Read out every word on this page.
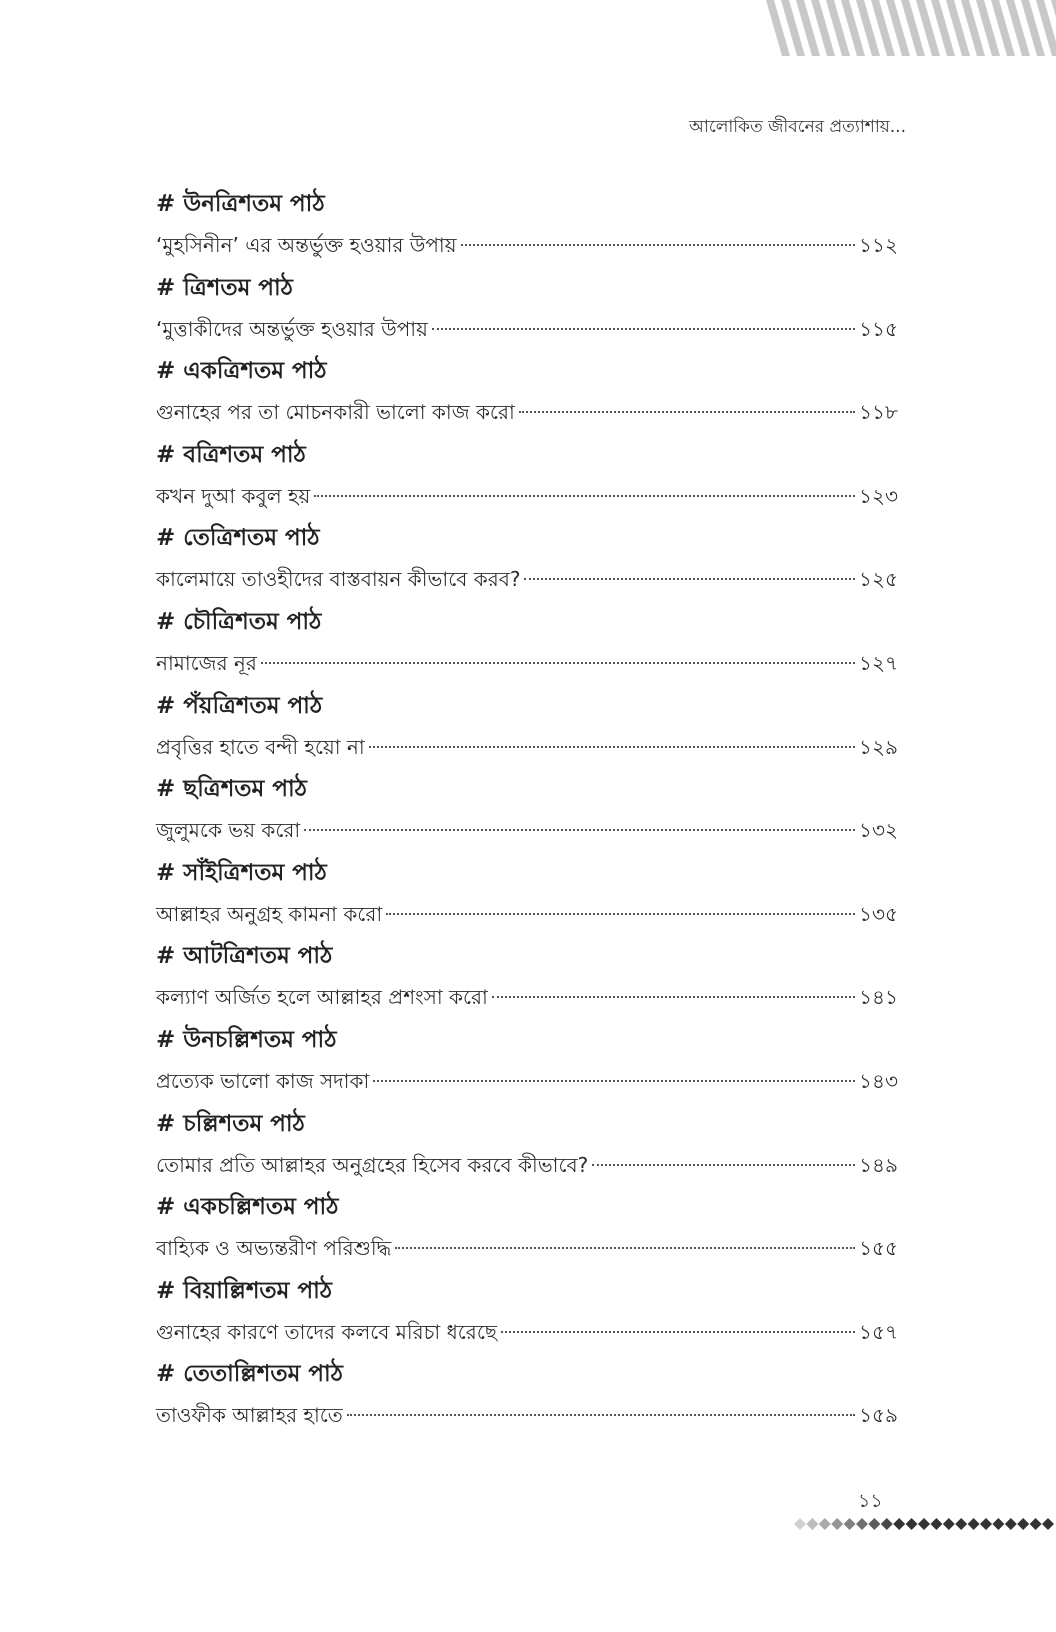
আলোকিত জীবনের প্রত্যাশায়...
# উনত্রিশতম পাঠ
‘মুহসিনীন’ এর অন্তর্ভুক্ত হওয়ার উপায়	১১২
# ত্রিশতম পাঠ
‘মুত্তাকীদের অন্তর্ভুক্ত হওয়ার উপায়	১১৫
# একত্রিশতম পাঠ
গুনাহের পর তা মোচনকারী ভালো কাজ করো	১১৮
# বত্রিশতম পাঠ
কখন দুআ কবুল হয়	১২৩
# তেত্রিশতম পাঠ
কালেমায়ে তাওহীদের বাস্তবায়ন কীভাবে করব?	১২৫
# চৌত্রিশতম পাঠ
নামাজের নূর	১২৭
# পঁয়ত্রিশতম পাঠ
প্রবৃত্তির হাতে বন্দী হয়ো না	১২৯
# ছত্রিশতম পাঠ
জুলুমকে ভয় করো	১৩২
# সাঁইত্রিশতম পাঠ
আল্লাহর অনুগ্রহ কামনা করো	১৩৫
# আটত্রিশতম পাঠ
কল্যাণ অর্জিত হলে আল্লাহর প্রশংসা করো	১৪১
# উনচল্লিশতম পাঠ
প্রত্যেক ভালো কাজ সদাকা	১৪৩
# চল্লিশতম পাঠ
তোমার প্রতি আল্লাহর অনুগ্রহের হিসেব করবে কীভাবে?	১৪৯
# একচল্লিশতম পাঠ
বাহ্যিক ও অভ্যন্তরীণ পরিশুদ্ধি	১৫৫
# বিয়াল্লিশতম পাঠ
গুনাহের কারণে তাদের কলবে মরিচা ধরেছে	১৫৭
# তেতাল্লিশতম পাঠ
তাওফীক আল্লাহর হাতে	১৫৯
১১
